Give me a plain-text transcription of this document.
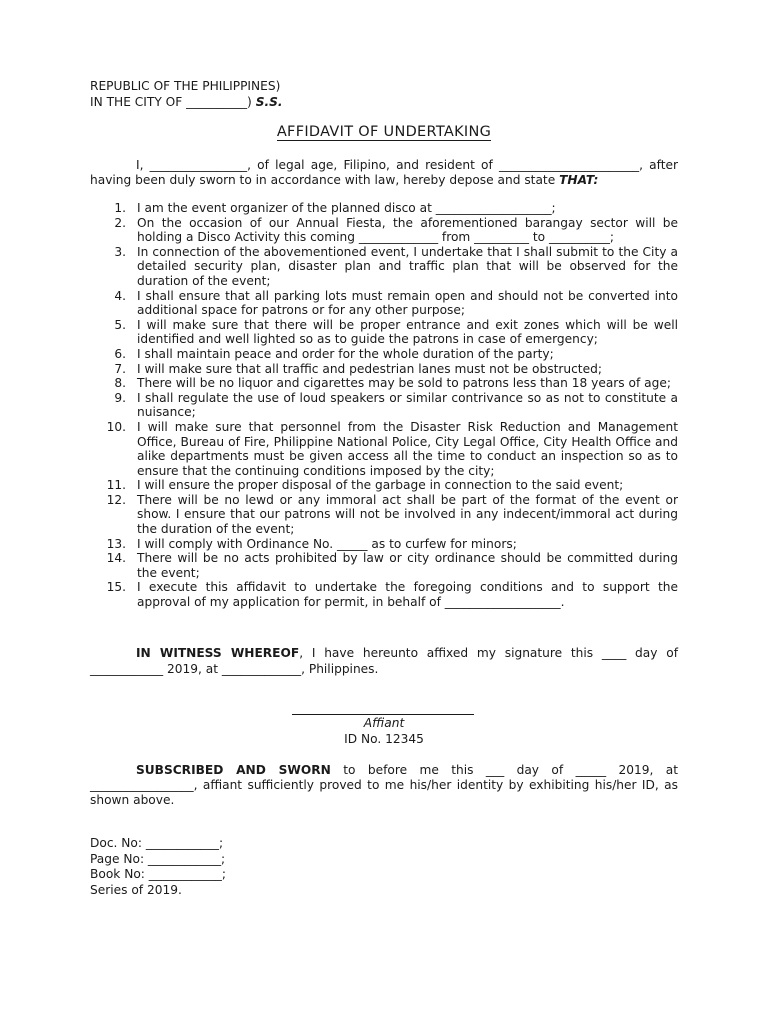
REPUBLIC OF THE PHILIPPINES)
IN THE CITY OF __________) S.S.
AFFIDAVIT OF UNDERTAKING
I, ________________, of legal age, Filipino, and resident of _______________________, after having been duly sworn to in accordance with law, hereby depose and state THAT:
1. I am the event organizer of the planned disco at ___________________;
2. On the occasion of our Annual Fiesta, the aforementioned barangay sector will be holding a Disco Activity this coming _____________ from _________ to __________;
3. In connection of the abovementioned event, I undertake that I shall submit to the City a detailed security plan, disaster plan and traffic plan that will be observed for the duration of the event;
4. I shall ensure that all parking lots must remain open and should not be converted into additional space for patrons or for any other purpose;
5. I will make sure that there will be proper entrance and exit zones which will be well identified and well lighted so as to guide the patrons in case of emergency;
6. I shall maintain peace and order for the whole duration of the party;
7. I will make sure that all traffic and pedestrian lanes must not be obstructed;
8. There will be no liquor and cigarettes may be sold to patrons less than 18 years of age;
9. I shall regulate the use of loud speakers or similar contrivance so as not to constitute a nuisance;
10. I will make sure that personnel from the Disaster Risk Reduction and Management Office, Bureau of Fire, Philippine National Police, City Legal Office, City Health Office and alike departments must be given access all the time to conduct an inspection so as to ensure that the continuing conditions imposed by the city;
11. I will ensure the proper disposal of the garbage in connection to the said event;
12. There will be no lewd or any immoral act shall be part of the format of the event or show. I ensure that our patrons will not be involved in any indecent/immoral act during the duration of the event;
13. I will comply with Ordinance No. _____ as to curfew for minors;
14. There will be no acts prohibited by law or city ordinance should be committed during the event;
15. I execute this affidavit to undertake the foregoing conditions and to support the approval of my application for permit, in behalf of ___________________.
IN WITNESS WHEREOF, I have hereunto affixed my signature this ____ day of ____________ 2019, at _____________, Philippines.
Affiant
ID No. 12345
SUBSCRIBED AND SWORN to before me this ___ day of _____ 2019, at _________________, affiant sufficiently proved to me his/her identity by exhibiting his/her ID, as shown above.
Doc. No: ____________;
Page No: ____________;
Book No: ____________;
Series of 2019.
